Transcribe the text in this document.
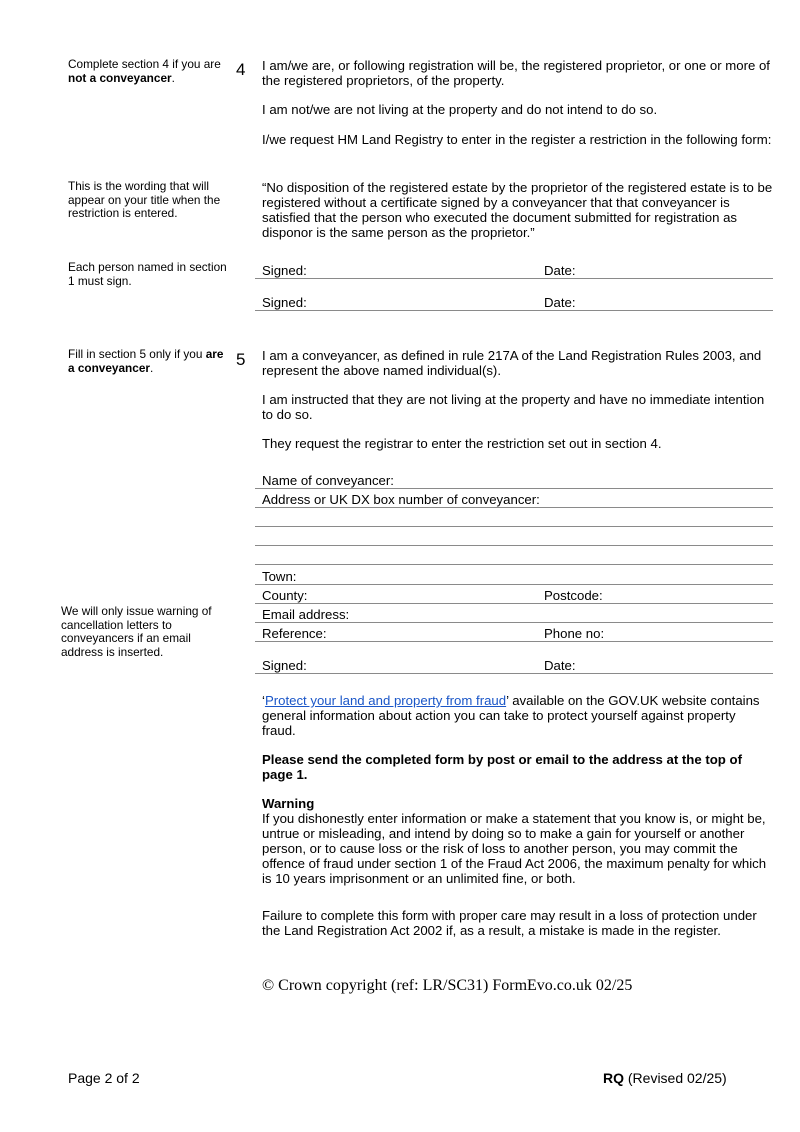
Complete section 4 if you are not a conveyancer.	4 I am/we are, or following registration will be, the registered proprietor, or one or more of the registered proprietors, of the property.
I am not/we are not living at the property and do not intend to do so.
I/we request HM Land Registry to enter in the register a restriction in the following form:
This is the wording that will appear on your title when the restriction is entered.
“No disposition of the registered estate by the proprietor of the registered estate is to be registered without a certificate signed by a conveyancer that that conveyancer is satisfied that the person who executed the document submitted for registration as disponor is the same person as the proprietor.”
Each person named in section 1 must sign.
Signed:	Date:
Signed:	Date:
Fill in section 5 only if you are a conveyancer.	5 I am a conveyancer, as defined in rule 217A of the Land Registration Rules 2003, and represent the above named individual(s).
I am instructed that they are not living at the property and have no immediate intention to do so.
They request the registrar to enter the restriction set out in section 4.
Name of conveyancer:
Address or UK DX box number of conveyancer:
Town:
County:	Postcode:
We will only issue warning of cancellation letters to conveyancers if an email address is inserted.
Email address:
Reference:	Phone no:
Signed:	Date:
‘Protect your land and property from fraud’ available on the GOV.UK website contains general information about action you can take to protect yourself against property fraud.
Please send the completed form by post or email to the address at the top of page 1.
Warning
If you dishonestly enter information or make a statement that you know is, or might be, untrue or misleading, and intend by doing so to make a gain for yourself or another person, or to cause loss or the risk of loss to another person, you may commit the offence of fraud under section 1 of the Fraud Act 2006, the maximum penalty for which is 10 years imprisonment or an unlimited fine, or both.
Failure to complete this form with proper care may result in a loss of protection under the Land Registration Act 2002 if, as a result, a mistake is made in the register.
© Crown copyright (ref: LR/SC31) FormEvo.co.uk 02/25
Page 2 of 2	RQ (Revised 02/25)
